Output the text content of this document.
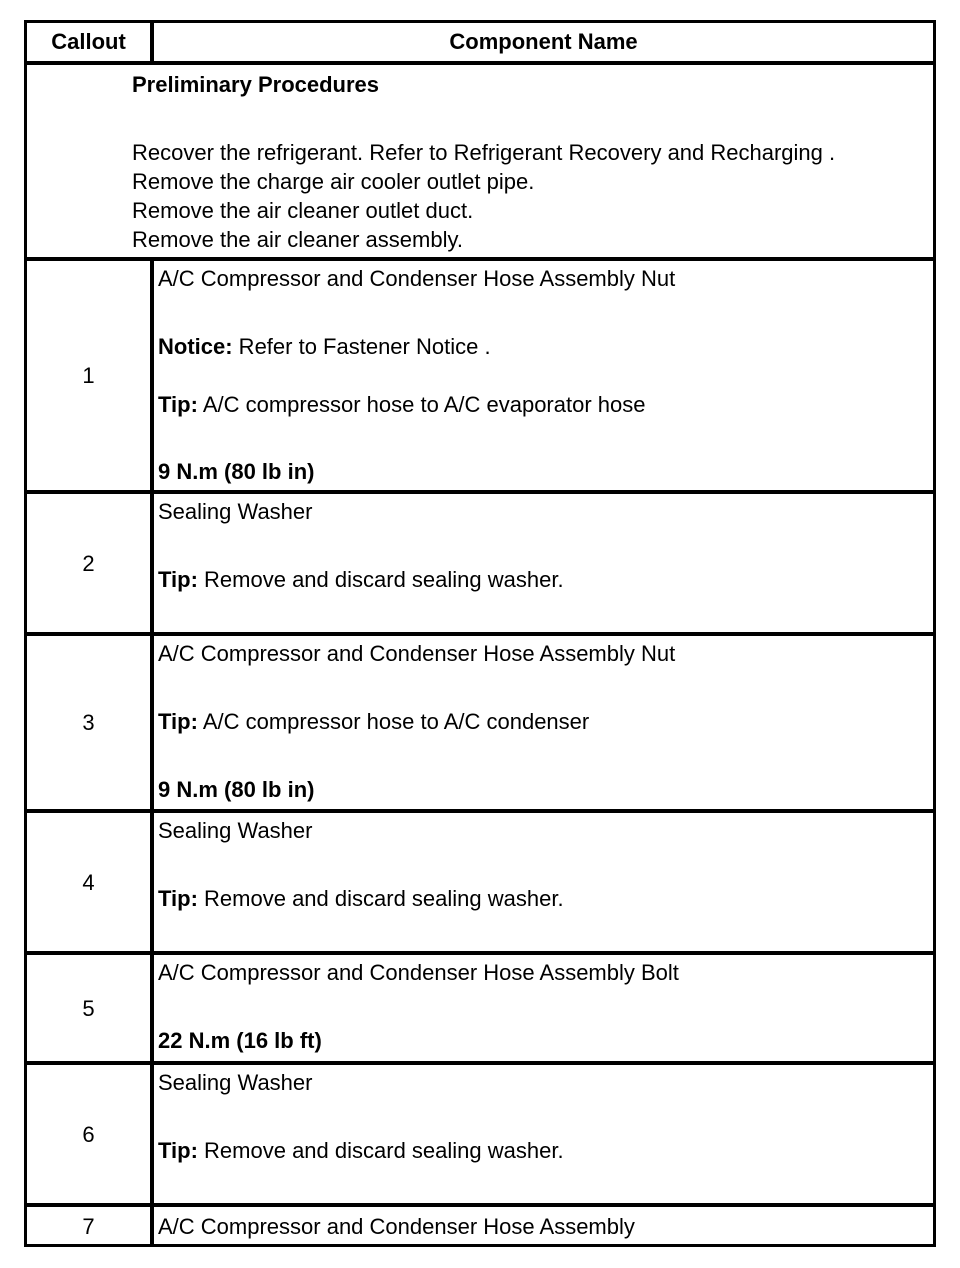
Callout	Component Name
Preliminary Procedures
Recover the refrigerant. Refer to Refrigerant Recovery and Recharging .
Remove the charge air cooler outlet pipe.
Remove the air cleaner outlet duct.
Remove the air cleaner assembly.
1
A/C Compressor and Condenser Hose Assembly Nut
Notice: Refer to Fastener Notice .
Tip: A/C compressor hose to A/C evaporator hose
9 N.m (80 lb in)
2
Sealing Washer
Tip: Remove and discard sealing washer.
3
A/C Compressor and Condenser Hose Assembly Nut
Tip: A/C compressor hose to A/C condenser
9 N.m (80 lb in)
4
Sealing Washer
Tip: Remove and discard sealing washer.
5
A/C Compressor and Condenser Hose Assembly Bolt
22 N.m (16 lb ft)
6
Sealing Washer
Tip: Remove and discard sealing washer.
7	A/C Compressor and Condenser Hose Assembly
